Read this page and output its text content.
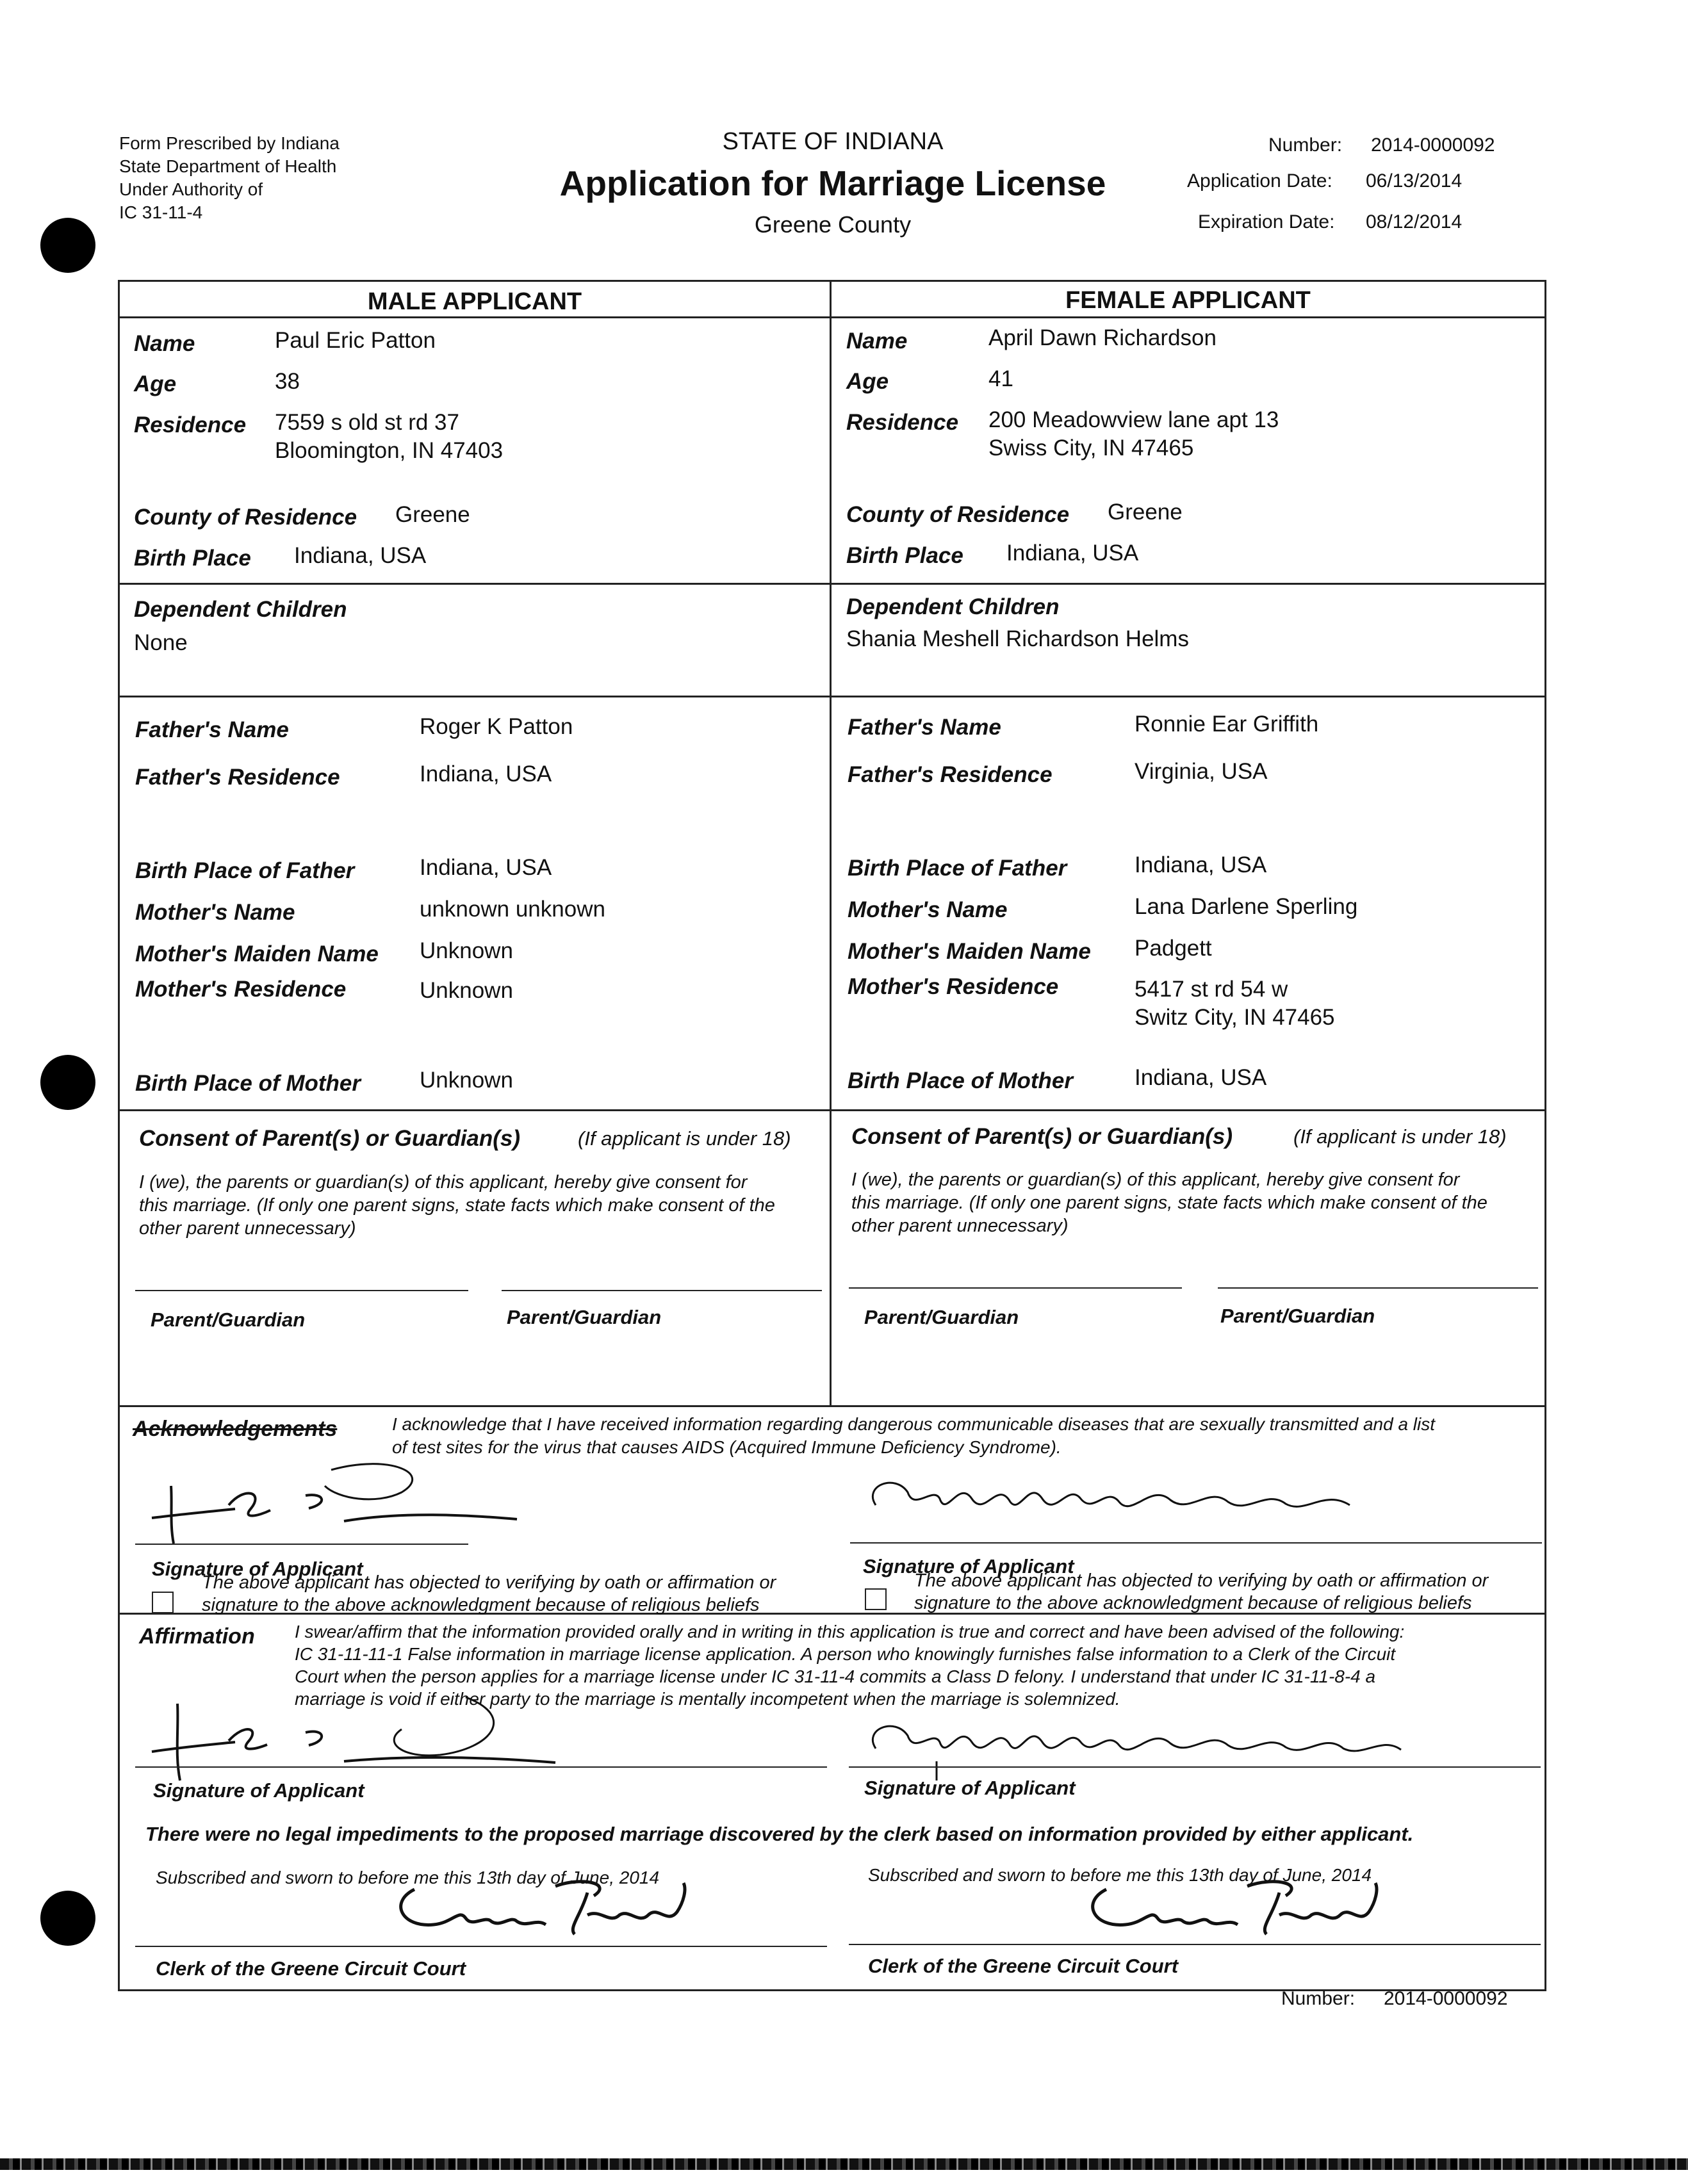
Form Prescribed by Indiana
State Department of Health
Under Authority of
IC 31-11-4
STATE OF INDIANA
Application for Marriage License
Greene County
Number: 2014-0000092
Application Date: 06/13/2014
Expiration Date: 08/12/2014
MALE APPLICANT	FEMALE APPLICANT
Name	Paul Eric Patton
Age	38
Residence 7559 s old st rd 37
Bloomington, IN 47403
County of Residence Greene
Birth Place Indiana, USA
Dependent Children
None
Father's Name	Roger K Patton
Father's Residence	Indiana, USA
Birth Place of Father	Indiana, USA
Mother's Name	unknown unknown
Mother's Maiden Name Unknown
Mother's Residence	Unknown
Birth Place of Mother	Unknown
Name	April Dawn Richardson
Age	41
Residence 200 Meadowview lane apt 13
Swiss City, IN 47465
County of Residence Greene
Birth Place Indiana, USA
Dependent Children
Shania Meshell Richardson Helms
Father's Name	Ronnie Ear Griffith
Father's Residence	Virginia, USA
Birth Place of Father	Indiana, USA
Mother's Name	Lana Darlene Sperling
Mother's Maiden Name Padgett
Mother's Residence	5417 st rd 54 w
Switz City, IN 47465
Birth Place of Mother	Indiana, USA
Consent of Parent(s) or Guardian(s)	(If applicant is under 18)
I (we), the parents or guardian(s) of this applicant, hereby give consent for
this marriage. (If only one parent signs, state facts which make consent of the
other parent unnecessary)
Parent/Guardian	Parent/Guardian
Consent of Parent(s) or Guardian(s)	(If applicant is under 18)
I (we), the parents or guardian(s) of this applicant, hereby give consent for
this marriage. (If only one parent signs, state facts which make consent of the
other parent unnecessary)
Parent/Guardian	Parent/Guardian
Acknowledgements	I acknowledge that I have received information regarding dangerous communicable diseases that are sexually transmitted and a list
of test sites for the virus that causes AIDS (Acquired Immune Deficiency Syndrome).
Signature of Applicant	Signature of Applicant
The above applicant has objected to verifying by oath or affirmation or
signature to the above acknowledgment because of religious beliefs
The above applicant has objected to verifying by oath or affirmation or
signature to the above acknowledgment because of religious beliefs
Affirmation I swear/affirm that the information provided orally and in writing in this application is true and correct and have been advised of the following:
IC 31-11-11-1 False information in marriage license application. A person who knowingly furnishes false information to a Clerk of the Circuit
Court when the person applies for a marriage license under IC 31-11-4 commits a Class D felony. I understand that under IC 31-11-8-4 a
marriage is void if either party to the marriage is mentally incompetent when the marriage is solemnized.
Signature of Applicant	Signature of Applicant
There were no legal impediments to the proposed marriage discovered by the clerk based on information provided by either applicant.
Subscribed and sworn to before me this 13th day of June, 2014	Subscribed and sworn to before me this 13th day of June, 2014
Clerk of the Greene Circuit Court	Clerk of the Greene Circuit Court
Number: 2014-0000092
